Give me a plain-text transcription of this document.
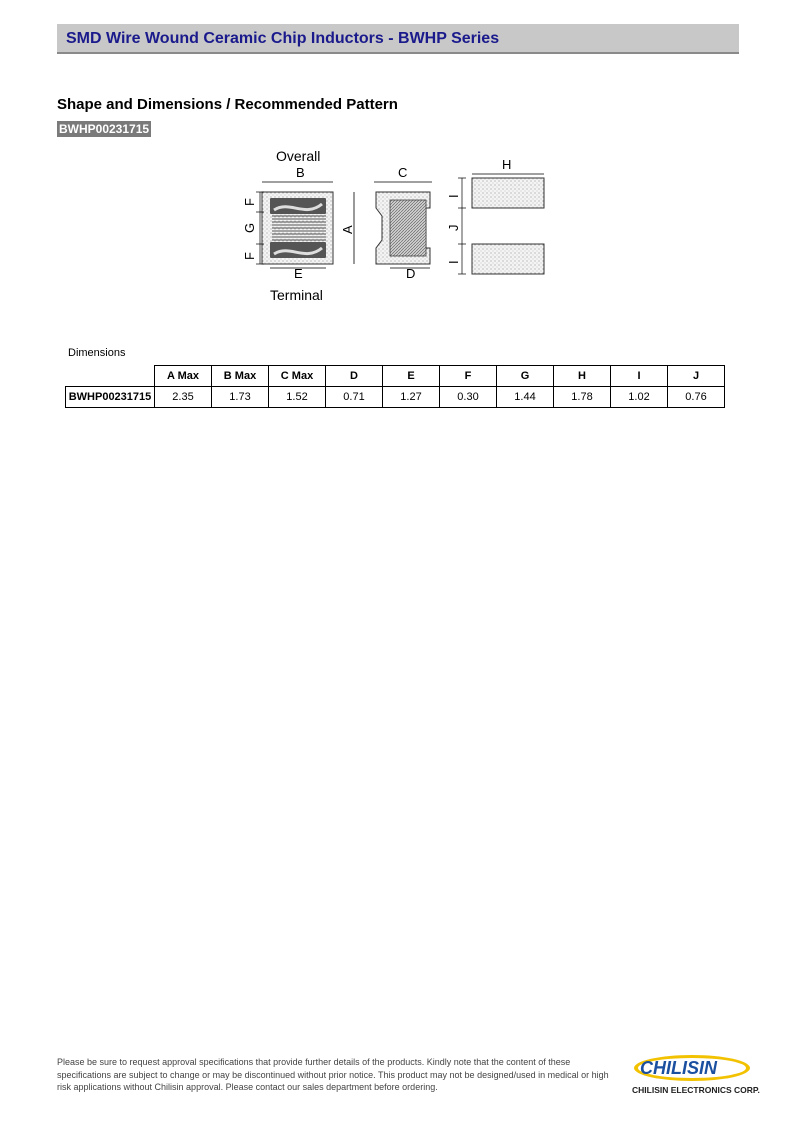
SMD Wire Wound Ceramic Chip Inductors - BWHP Series
Shape and Dimensions / Recommended Pattern
BWHP00231715
Overall
B
F
G
F
A
E
Terminal
C
D
H
I
J
I
Dimensions
	A Max	B Max	C Max	D	E	F	G	H	I	J
BWHP00231715	2.35	1.73	1.52	0.71	1.27	0.30	1.44	1.78	1.02	0.76
Please be sure to request approval specifications that provide further details of the products. Kindly note that the content of these specifications are subject to change or may be discontinued without prior notice. This product may not be designed/used in medical or high risk applications without Chilisin approval. Please contact our sales department before ordering.
CHILISIN
CHILISIN ELECTRONICS CORP.
